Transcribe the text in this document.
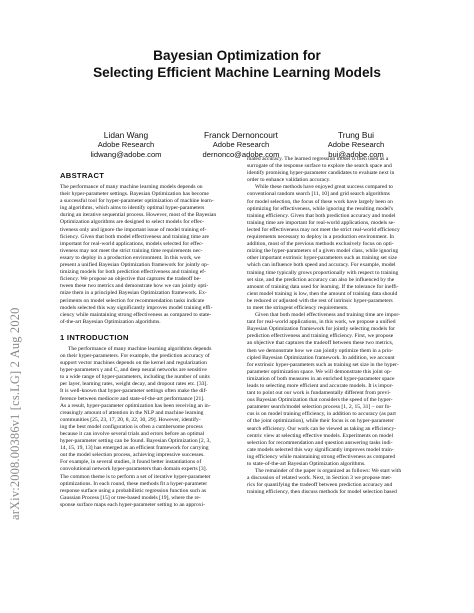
Bayesian Optimization for
Selecting Efficient Machine Learning Models
Lidan Wang
Adobe Research
lidwang@adobe.com
Franck Dernoncourt
Adobe Research
dernonco@adobe.com
Trung Bui
Adobe Research
bui@adobe.com
arXiv:2008.00386v1 [cs.LG] 2 Aug 2020
ABSTRACT
The performance of many machine learning models depends on
their hyper-parameter settings. Bayesian Optimization has become
a successful tool for hyper-parameter optimization of machine learn-
ing algorithms, which aims to identify optimal hyper-parameters
during an iterative sequential process. However, most of the Bayesian
Optimization algorithms are designed to select models for effec-
tiveness only and ignore the important issue of model training ef-
ficiency. Given that both model effectiveness and training time are
important for real-world applications, models selected for effec-
tiveness may not meet the strict training time requirements nec-
essary to deploy in a production environment. In this work, we
present a unified Bayesian Optimization framework for jointly op-
timizing models for both prediction effectiveness and training ef-
ficiency. We propose an objective that captures the tradeoff be-
tween these two metrics and demonstrate how we can jointly opti-
mize them in a principled Bayesian Optimization framework. Ex-
periments on model selection for recommendation tasks indicate
models selected this way significantly improves model training effi-
ciency while maintaining strong effectiveness as compared to state-
of-the-art Bayesian Optimization algorithms.
1 INTRODUCTION
The performance of many machine learning algorithms depends
on their hyper-parameters. For example, the prediction accuracy of
support vector machines depends on the kernel and regularization
hyper-parameters γ and C, and deep neural networks are sensitive
to a wide range of hyper-parameters, including the number of units
per layer, learning rates, weight decay, and dropout rates etc. [33].
It is well-known that hyper-parameter settings often make the dif-
ference between mediocre and state-of-the-art performance [21].
As a result, hyper-parameter optimization has been receiving an in-
creasingly amount of attention in the NLP and machine learning
communities [25, 23, 17, 20, 8, 22, 30, 29]. However, identify-
ing the best model configuration is often a cumbersome process
because it can involve several trials and errors before an optimal
hyper-parameter setting can be found. Bayesian Optimization [2, 3,
14, 15, 19, 13] has emerged as an efficient framework for carrying
out the model selection process, achieving impressive successes.
For example, in several studies, it found better instantiations of
convolutional network hyper-parameters than domain experts [3].
The common theme is to perform a set of iterative hyper-parameter
optimizations. In each round, these methods fit a hyper-parameter
response surface using a probabilistic regression function such as
Gaussian Process [15] or tree-based models [19], where the re-
sponse surface maps each hyper-parameter setting to an approxi-
mated accuracy. The learned regression model is then used as a
surrogate of the response surface to explore the search space and
identify promising hyper-parameter candidates to evaluate next in
order to enhance validation accuracy.
While these methods have enjoyed great success compared to
conventional random search [11, 10] and grid search algorithms
for model selection, the focus of these work have largely been on
optimizing for effectiveness, while ignoring the resulting model's
training efficiency. Given that both prediction accuracy and model
training time are important for real-world applications, models se-
lected for effectiveness may not meet the strict real-world efficiency
requirements necessary to deploy in a production environment. In
addition, most of the previous methods exclusively focus on opti-
mizing the hyper-parameters of a given model class, while ignoring
other important extrinsic hyper-parameters such as training set size
which can influence both speed and accuracy. For example, model
training time typically grows proportionally with respect to training
set size, and the prediction accuracy can also be influenced by the
amount of training data used for learning. If the tolerance for ineffi-
cient model training is low, then the amount of training data should
be reduced or adjusted with the rest of intrinsic hyper-parameters
to meet the stringent efficiency requirements.
Given that both model effectiveness and training time are impor-
tant for real-world applications, in this work, we propose a unified
Bayesian Optimization framework for jointly selecting models for
prediction effectiveness and training efficiency. First, we propose
an objective that captures the tradeoff between these two metrics,
then we demonstrate how we can jointly optimize them in a prin-
cipled Bayesian Optimization framework. In addition, we account
for extrinsic hyper-parameters such as training set size in the hyper-
parameter optimization space. We will demonstrate this joint op-
timization of both measures in an enriched hyper-parameter space
leads to selecting more efficient and accurate models. It is impor-
tant to point out our work is fundamentally different from previ-
ous Bayesian Optimization that considers the speed of the hyper-
parameter search/model selection process [1, 2, 15, 31] – our fo-
cus is on model training efficiency, in addition to accuracy (as part
of the joint optimization), while their focus is on hyper-parameter
search efficiency. Our work can be viewed as taking an efficiency-
centric view at selecting effective models. Experiments on model
selection for recommendation and question answering tasks indi-
cate models selected this way significantly improves model train-
ing efficiency while maintaining strong effectiveness as compared
to state-of-the-art Bayesian Optimization algorithms.
The remainder of the paper is organized as follows: We start with
a discussion of related work. Next, in Section 3 we propose met-
rics for quantifying the tradeoff between prediction accuracy and
training efficiency, then discuss methods for model selection based
